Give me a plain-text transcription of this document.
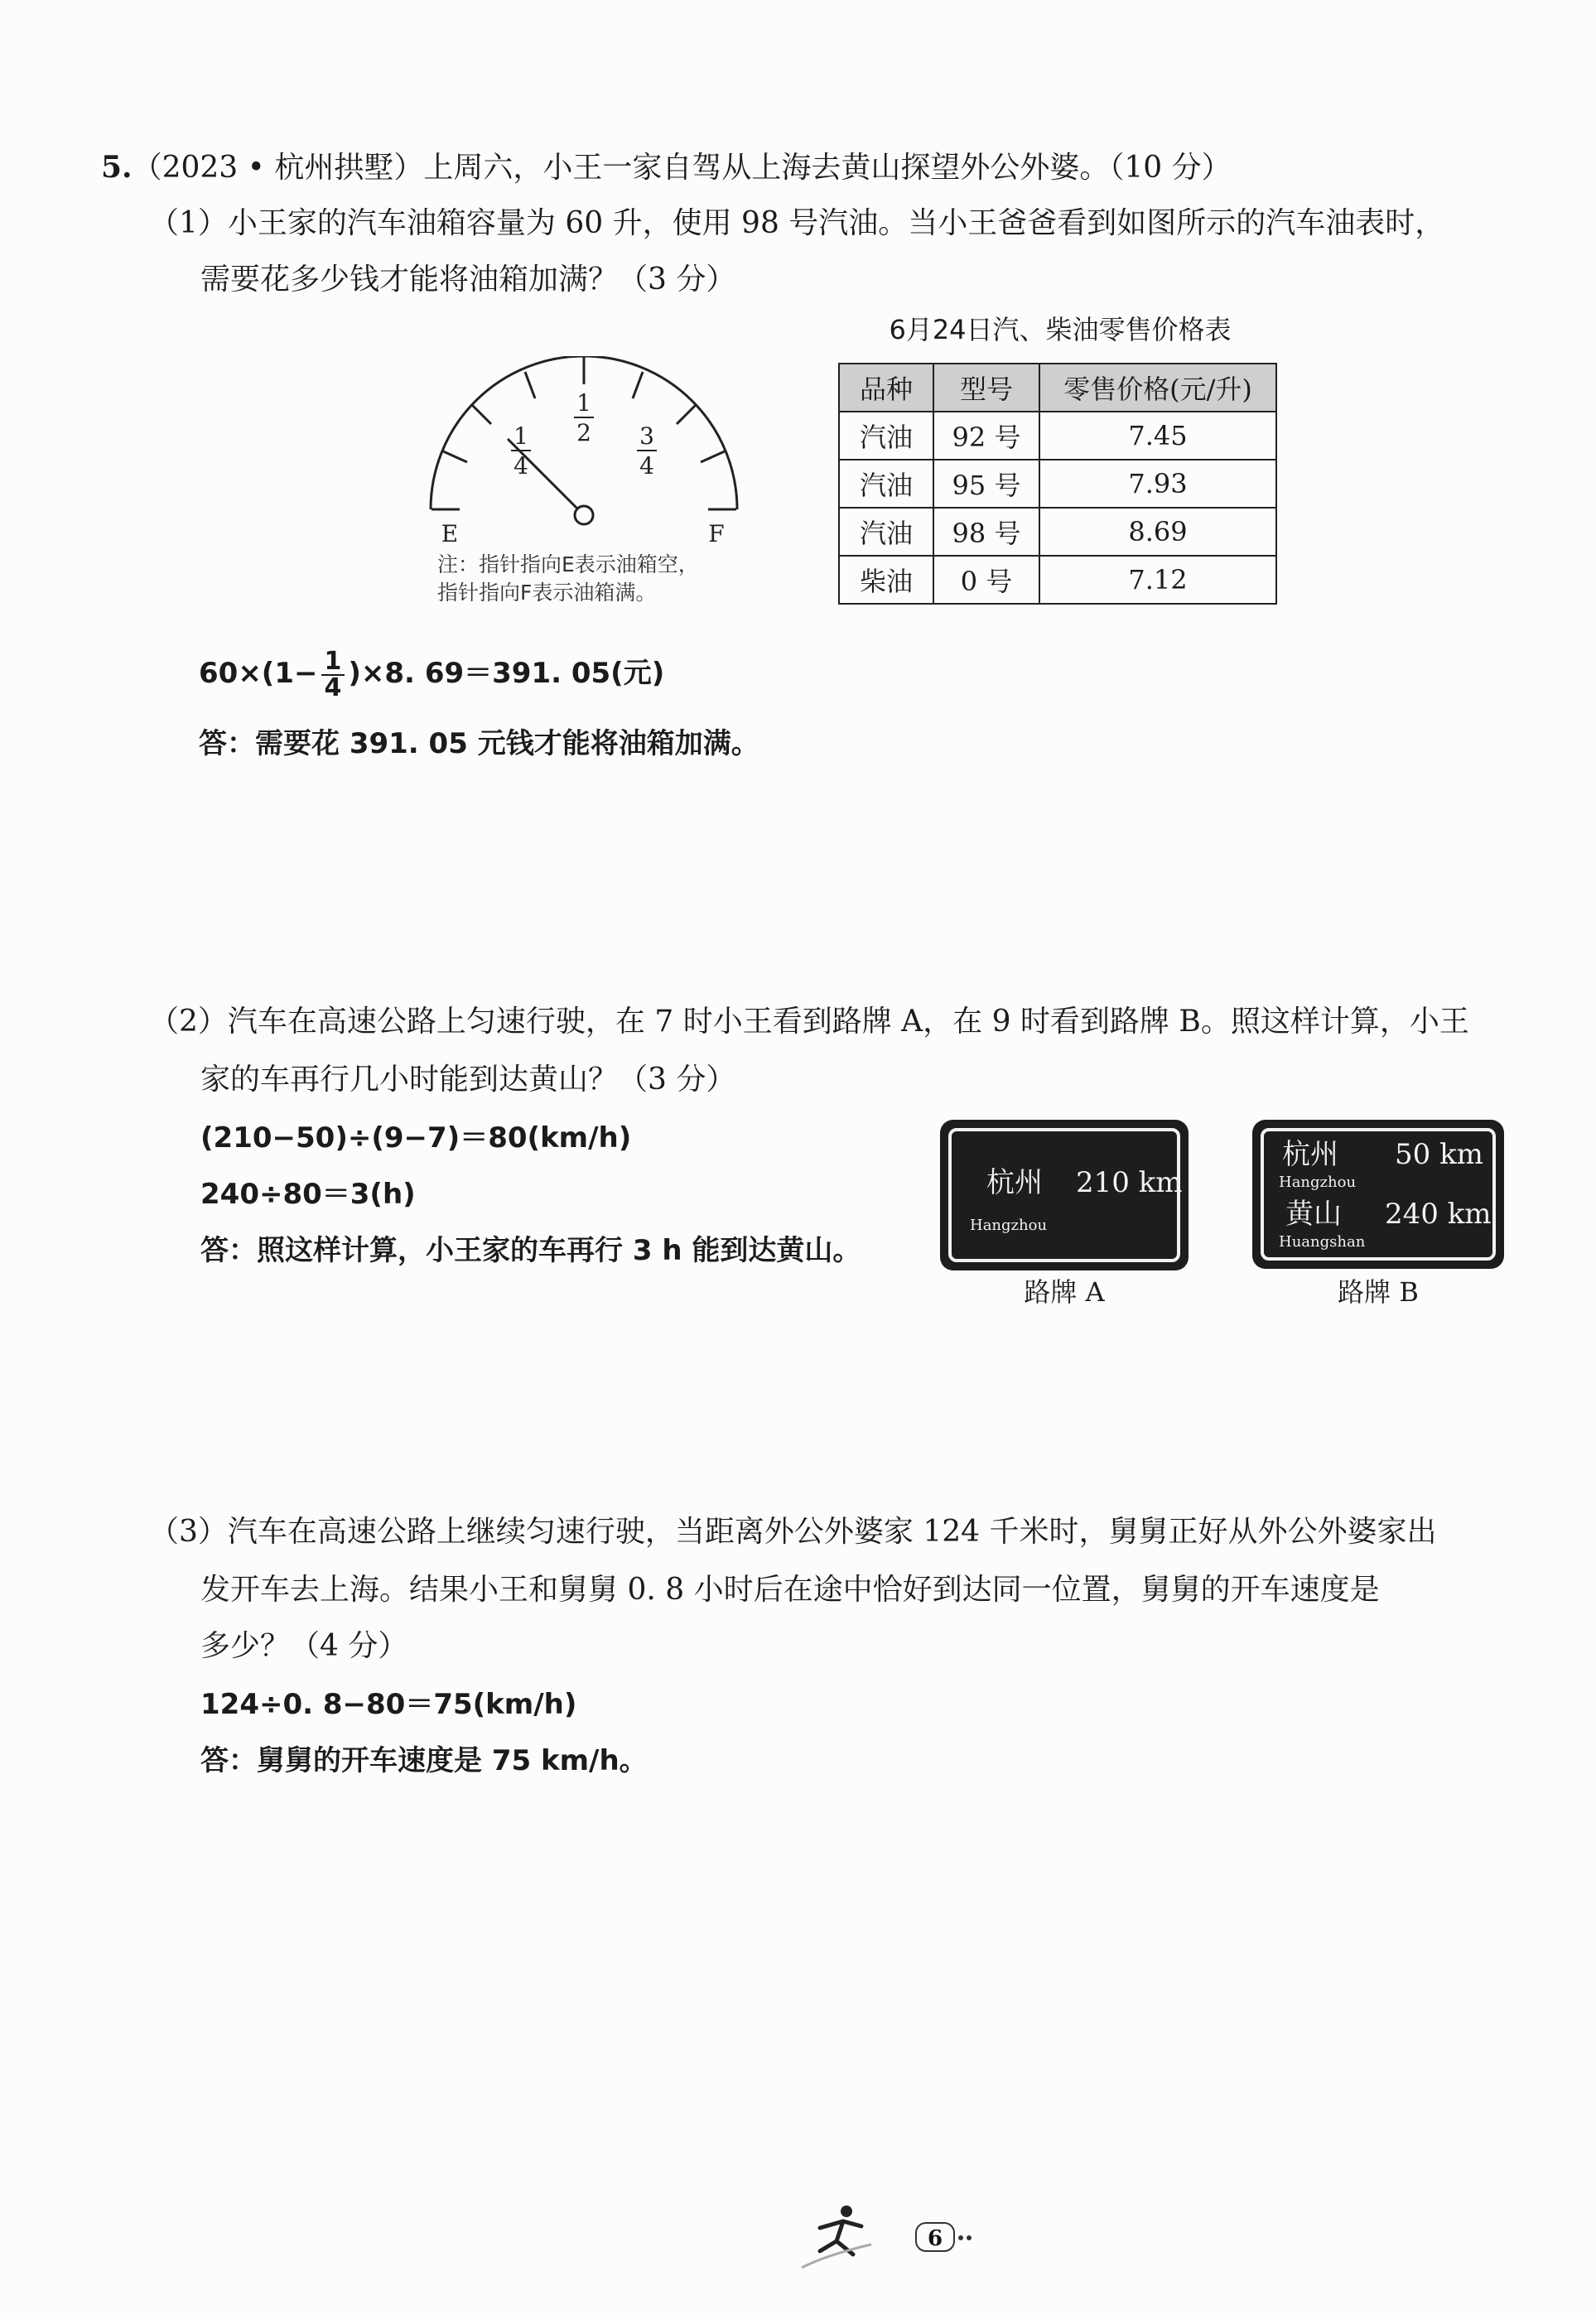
5.（2023 • 杭州拱墅）上周六，小王一家自驾从上海去黄山探望外公外婆。（10 分）
（1）小王家的汽车油箱容量为 60 升，使用 98 号汽油。当小王爸爸看到如图所示的汽车油表时，
需要花多少钱才能将油箱加满？（3 分）
1
2
1
4
3
4
E	F
注：指针指向E表示油箱空，
指针指向F表示油箱满。
6月24日汽、柴油零售价格表
品种	型号	零售价格(元/升)
汽油	92 号	7.45
汽油	95 号	7.93
汽油	98 号	8.69
柴油	0 号	7.12
$60\times(1- \frac{1}{4} )\times 8$. 69＝391. 05(元)
答：需要花 391. 05 元钱才能将油箱加满。
（2）汽车在高速公路上匀速行驶，在 7 时小王看到路牌 A，在 9 时看到路牌 B。照这样计算，小王
家的车再行几小时能到达黄山？（3 分）
(210−50)÷(9−7)＝80(km/h)
240÷80＝3(h)
答：照这样计算，小王家的车再行 3 h 能到达黄山。
杭州 210 km
Hangzhou
路牌 A
杭州 50 km
Hangzhou
黄山 240 km
Huangshan
路牌 B
（3）汽车在高速公路上继续匀速行驶，当距离外公外婆家 124 千米时，舅舅正好从外公外婆家出
发开车去上海。结果小王和舅舅 0. 8 小时后在途中恰好到达同一位置，舅舅的开车速度是
多少？（4 分）
124÷0. 8−80＝75(km/h)
答：舅舅的开车速度是 75 km/h。
6
